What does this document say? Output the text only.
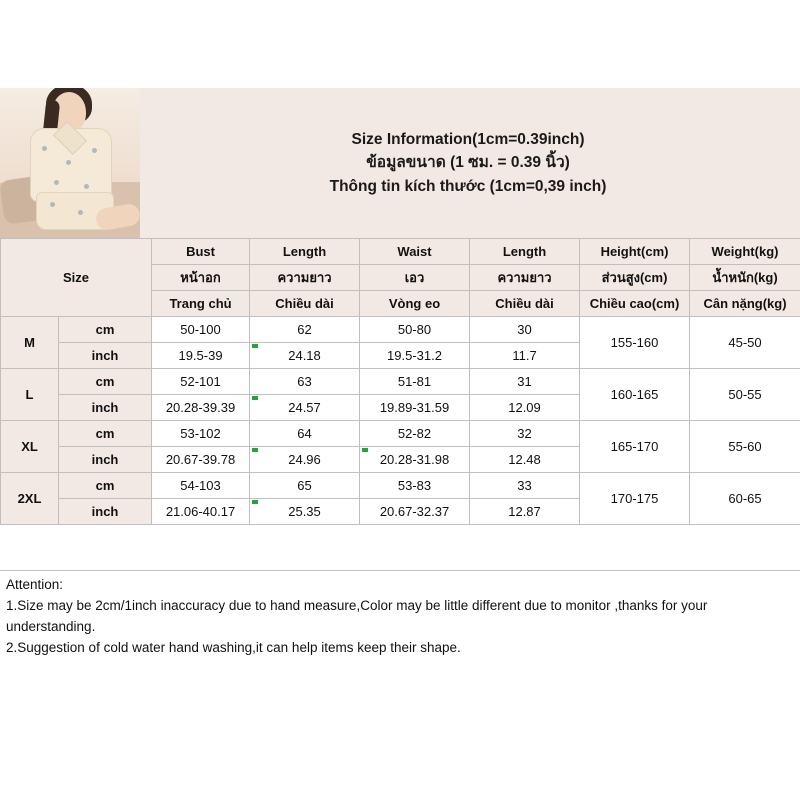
Size Information(1cm=0.39inch)
ข้อมูลขนาด (1 ซม. = 0.39 นิ้ว)
Thông tin kích thước (1cm=0,39 inch)
Size		Bust	Length	Waist	Length	Height(cm)	Weight(kg)
		หน้าอก	ความยาว	เอว	ความยาว	ส่วนสูง(cm)	น้ำหนัก(kg)
		Trang chủ	Chiều dài	Vòng eo	Chiều dài	Chiều cao(cm)	Cân nặng(kg)
M	cm	50-100	62	50-80	30	155-160	45-50
	inch	19.5-39	24.18	19.5-31.2	11.7		
L	cm	52-101	63	51-81	31	160-165	50-55
	inch	20.28-39.39	24.57	19.89-31.59	12.09		
XL	cm	53-102	64	52-82	32	165-170	55-60
	inch	20.67-39.78	24.96	20.28-31.98	12.48		
2XL	cm	54-103	65	53-83	33	170-175	60-65
	inch	21.06-40.17	25.35	20.67-32.37	12.87		

Attention:

1.Size may be 2cm/1inch inaccuracy due to hand measure,Color may be little different due to monitor ,thanks for your

understanding.

2.Suggestion of cold water hand washing,it can help items keep their shape.
